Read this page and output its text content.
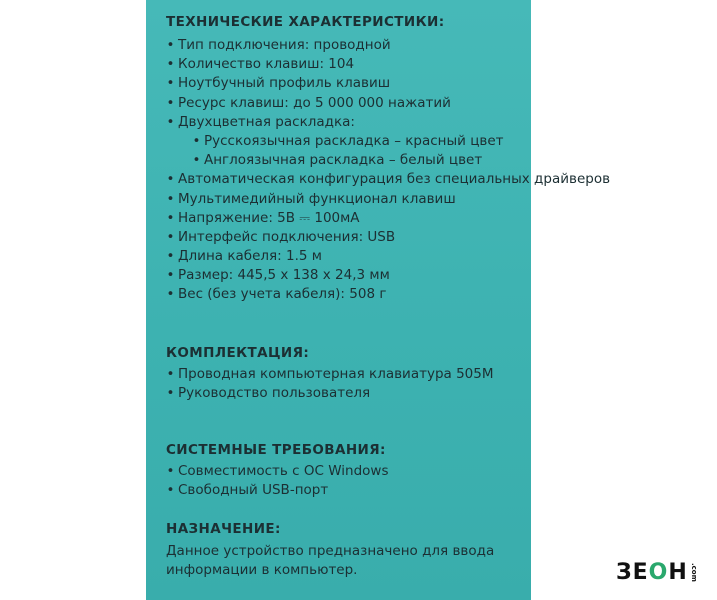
ТЕХНИЧЕСКИЕ ХАРАКТЕРИСТИКИ:
• Тип подключения: проводной
• Количество клавиш: 104
• Ноутбучный профиль клавиш
• Ресурс клавиш: до 5 000 000 нажатий
• Двухцветная раскладка:
• Русскоязычная раскладка – красный цвет
• Англоязычная раскладка – белый цвет
• Автоматическая конфигурация без специальных драйверов
• Мультимедийный функционал клавиш
• Напряжение: 5В ⎓ 100мА
• Интерфейс подключения: USB
• Длина кабеля: 1.5 м
• Размер: 445,5 х 138 х 24,3 мм
• Вес (без учета кабеля): 508 г
КОМПЛЕКТАЦИЯ:
• Проводная компьютерная клавиатура 505М
• Руководство пользователя
СИСТЕМНЫЕ ТРЕБОВАНИЯ:
• Совместимость с ОС Windows
• Свободный USB-порт
НАЗНАЧЕНИЕ:
Данное устройство предназначено для ввода
информации в компьютер.	ЗЕОН .com
